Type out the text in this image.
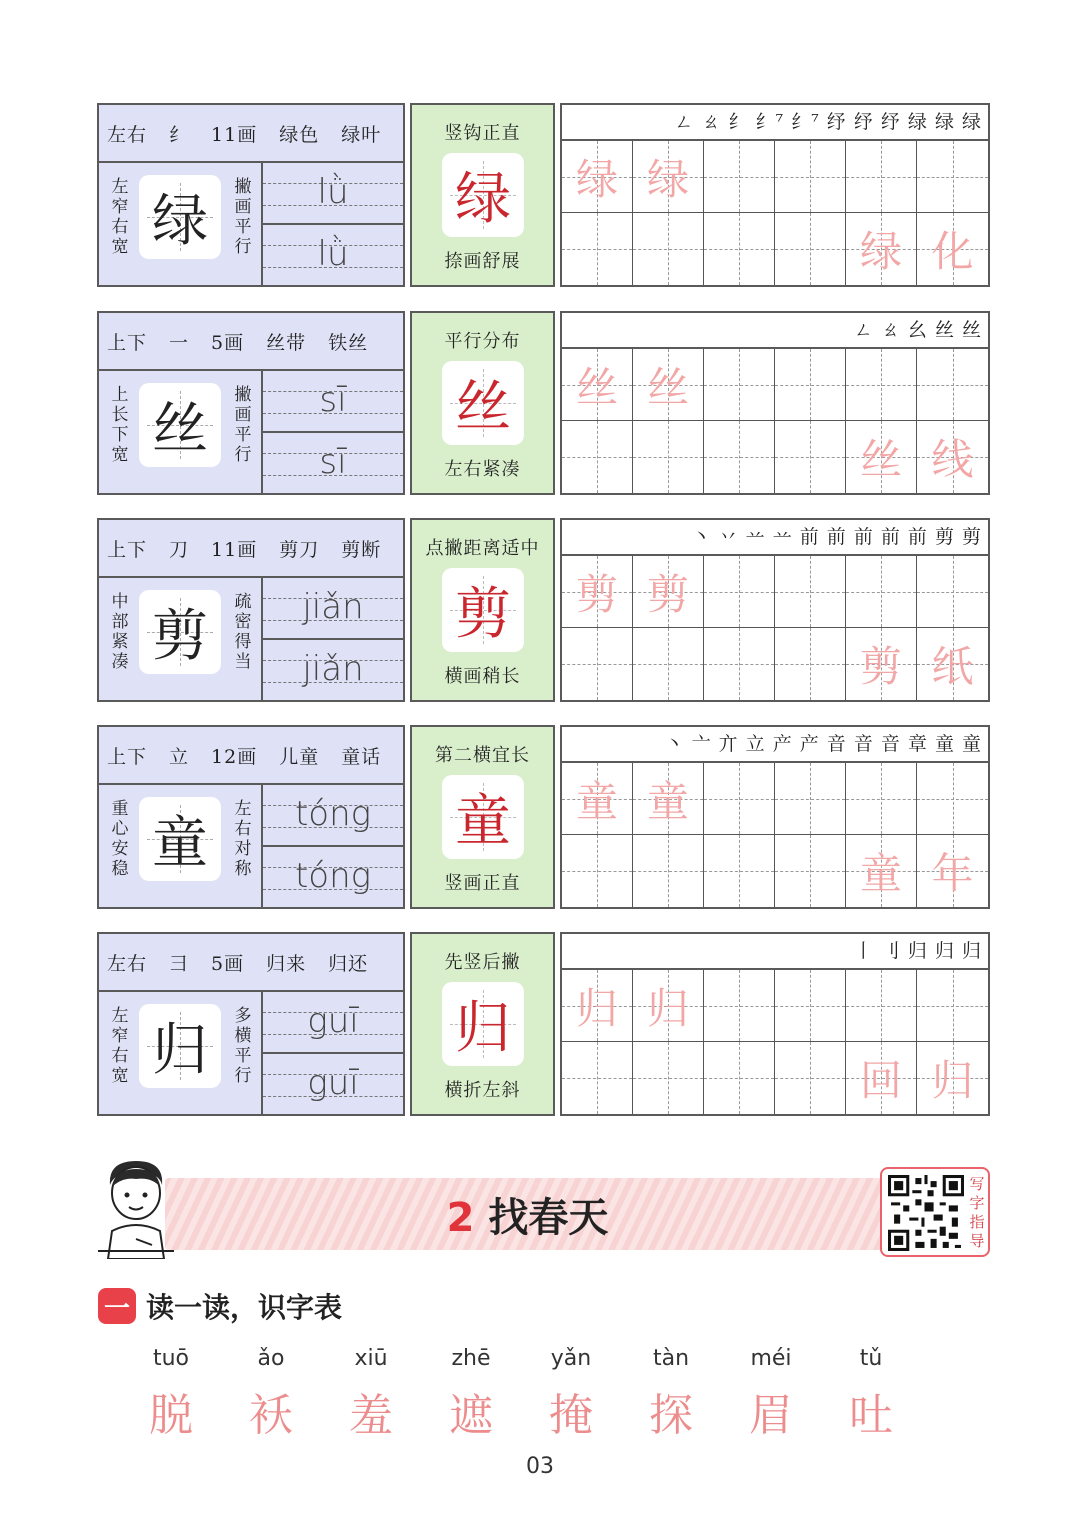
左右 纟 11画 绿色 绿叶
左窄右宽 绿
撇画平行
lǜ
lǜ
竖钩正直
绿
捺画舒展
ㄥ ㄠ 纟 纟⁷ 纟⁷ 纾 纾 纾 绿 绿 绿
绿 绿
绿 化
上下 一 5画 丝带 铁丝
上长下宽 丝
撇画平行
sī
sī
平行分布
丝
左右紧凑
ㄥ ㄠ 幺 丝 丝
丝 丝
丝 线
上下 刀 11画 剪刀 剪断
中部紧凑 剪
疏密得当
jiǎn
jiǎn
点撇距离适中
剪
横画稍长
丶 丷 䒑 䒑 前 前 前 前 前 剪 剪
剪 剪
剪 纸
上下 立 12画 儿童 童话
重心安稳 童
左右对称
tóng
tóng
第二横宜长
童
竖画正直
丶 亠 亣 立 产 产 音 音 音 章 童 童
童 童
童 年
左右 彐 5画 归来 归还
左窄右宽 归
多横平行
guī
guī
先竖后撇
归
横折左斜
丨 刂 归 归 归
归 归
回 归
2 找春天
写字指导
一 读一读，识字表
tuō
脱
ǎo
袄
xiū
羞
zhē
遮
yǎn
掩
tàn
探
méi
眉
tǔ
吐
03
